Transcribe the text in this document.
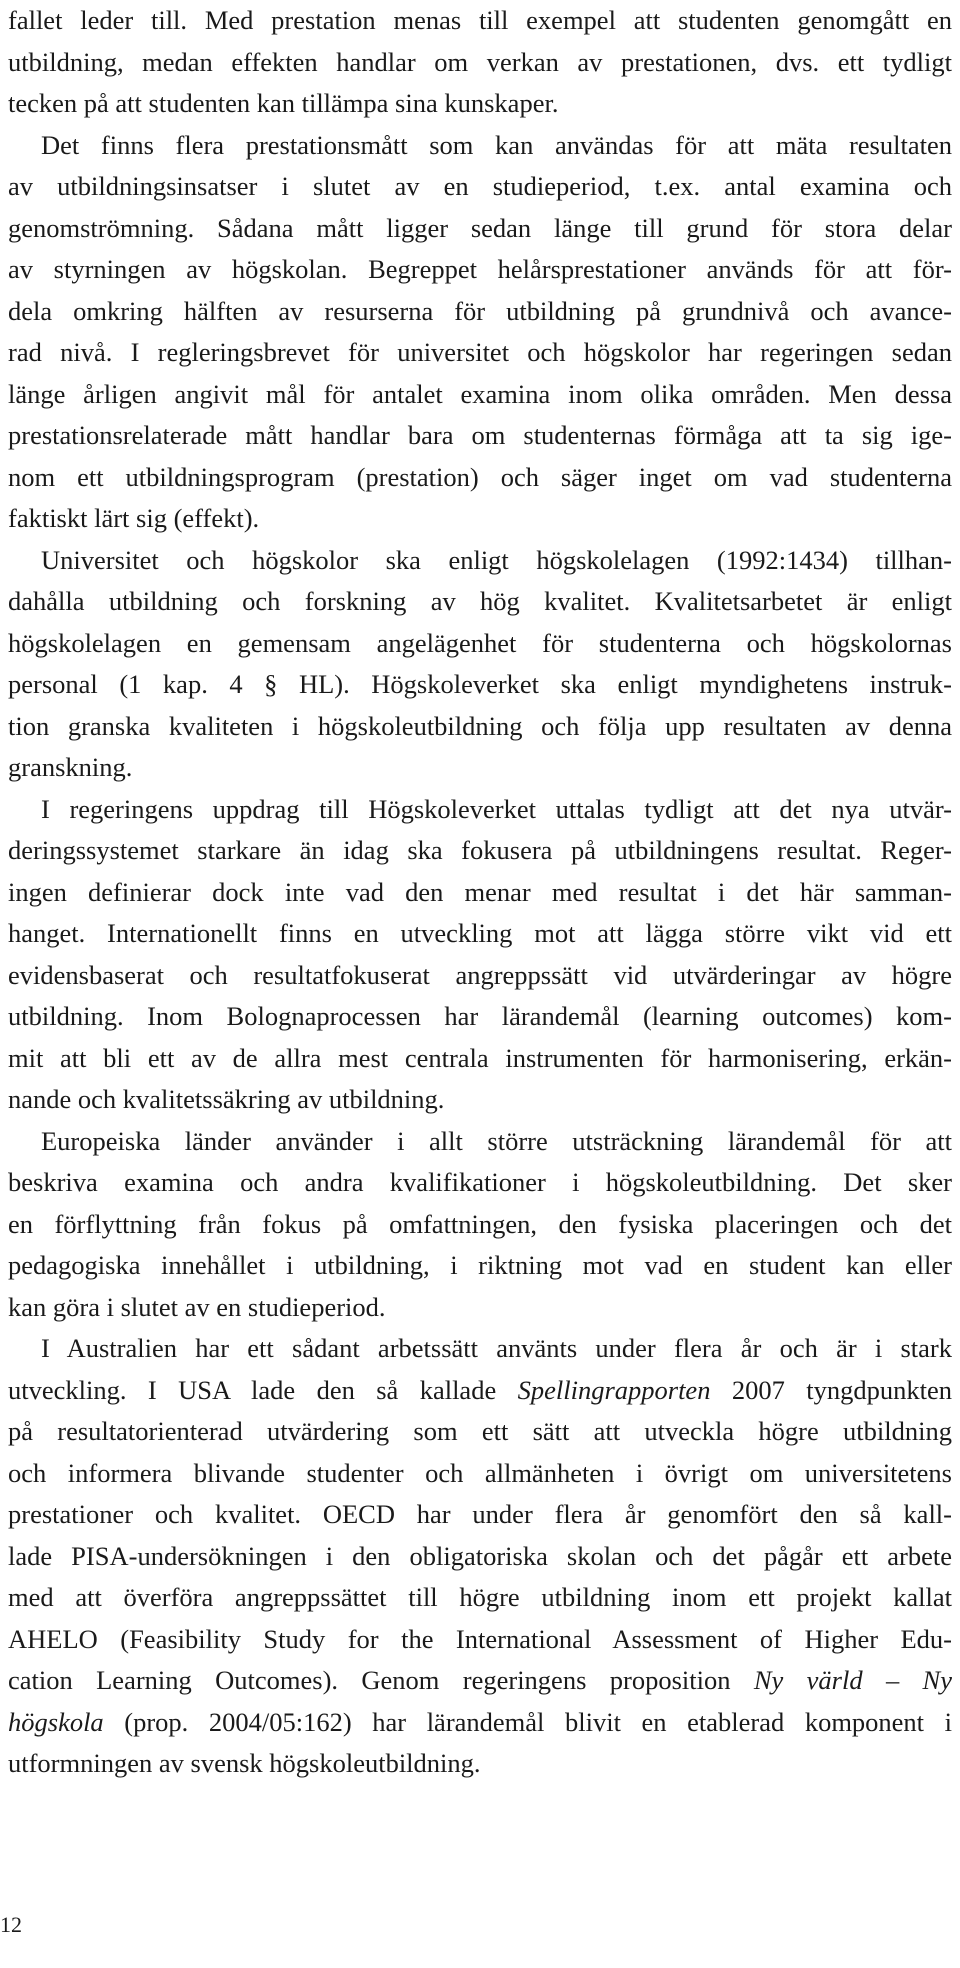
fallet leder till. Med prestation menas till exempel att studenten genomgått en
utbildning, medan effekten handlar om verkan av prestationen, dvs. ett tydligt
tecken på att studenten kan tillämpa sina kunskaper.
Det finns flera prestationsmått som kan användas för att mäta resultaten
av utbildningsinsatser i slutet av en studieperiod, t.ex. antal examina och
genomströmning. Sådana mått ligger sedan länge till grund för stora delar
av styrningen av högskolan. Begreppet helårsprestationer används för att för-
dela omkring hälften av resurserna för utbildning på grundnivå och avance-
rad nivå. I regleringsbrevet för universitet och högskolor har regeringen sedan
länge årligen angivit mål för antalet examina inom olika områden. Men dessa
prestationsrelaterade mått handlar bara om studenternas förmåga att ta sig ige-
nom ett utbildningsprogram (prestation) och säger inget om vad studenterna
faktiskt lärt sig (effekt).
Universitet och högskolor ska enligt högskolelagen (1992:1434) tillhan-
dahålla utbildning och forskning av hög kvalitet. Kvalitetsarbetet är enligt
högskolelagen en gemensam angelägenhet för studenterna och högskolornas
personal (1 kap. 4 § HL). Högskoleverket ska enligt myndighetens instruk-
tion granska kvaliteten i högskoleutbildning och följa upp resultaten av denna
granskning.
I regeringens uppdrag till Högskoleverket uttalas tydligt att det nya utvär-
deringssystemet starkare än idag ska fokusera på utbildningens resultat. Reger-
ingen definierar dock inte vad den menar med resultat i det här samman-
hanget. Internationellt finns en utveckling mot att lägga större vikt vid ett
evidensbaserat och resultatfokuserat angreppssätt vid utvärderingar av högre
utbildning. Inom Bolognaprocessen har lärandemål (learning outcomes) kom-
mit att bli ett av de allra mest centrala instrumenten för harmonisering, erkän-
nande och kvalitetssäkring av utbildning.
Europeiska länder använder i allt större utsträckning lärandemål för att
beskriva examina och andra kvalifikationer i högskoleutbildning. Det sker
en förflyttning från fokus på omfattningen, den fysiska placeringen och det
pedagogiska innehållet i utbildning, i riktning mot vad en student kan eller
kan göra i slutet av en studieperiod.
I Australien har ett sådant arbetssätt använts under flera år och är i stark
utveckling. I USA lade den så kallade Spellingrapporten 2007 tyngdpunkten
på resultatorienterad utvärdering som ett sätt att utveckla högre utbildning
och informera blivande studenter och allmänheten i övrigt om universitetens
prestationer och kvalitet. OECD har under flera år genomfört den så kall-
lade PISA-undersökningen i den obligatoriska skolan och det pågår ett arbete
med att överföra angreppssättet till högre utbildning inom ett projekt kallat
AHELO (Feasibility Study for the International Assessment of Higher Edu-
cation Learning Outcomes). Genom regeringens proposition Ny värld – Ny
högskola (prop. 2004/05:162) har lärandemål blivit en etablerad komponent i
utformningen av svensk högskoleutbildning.
12
